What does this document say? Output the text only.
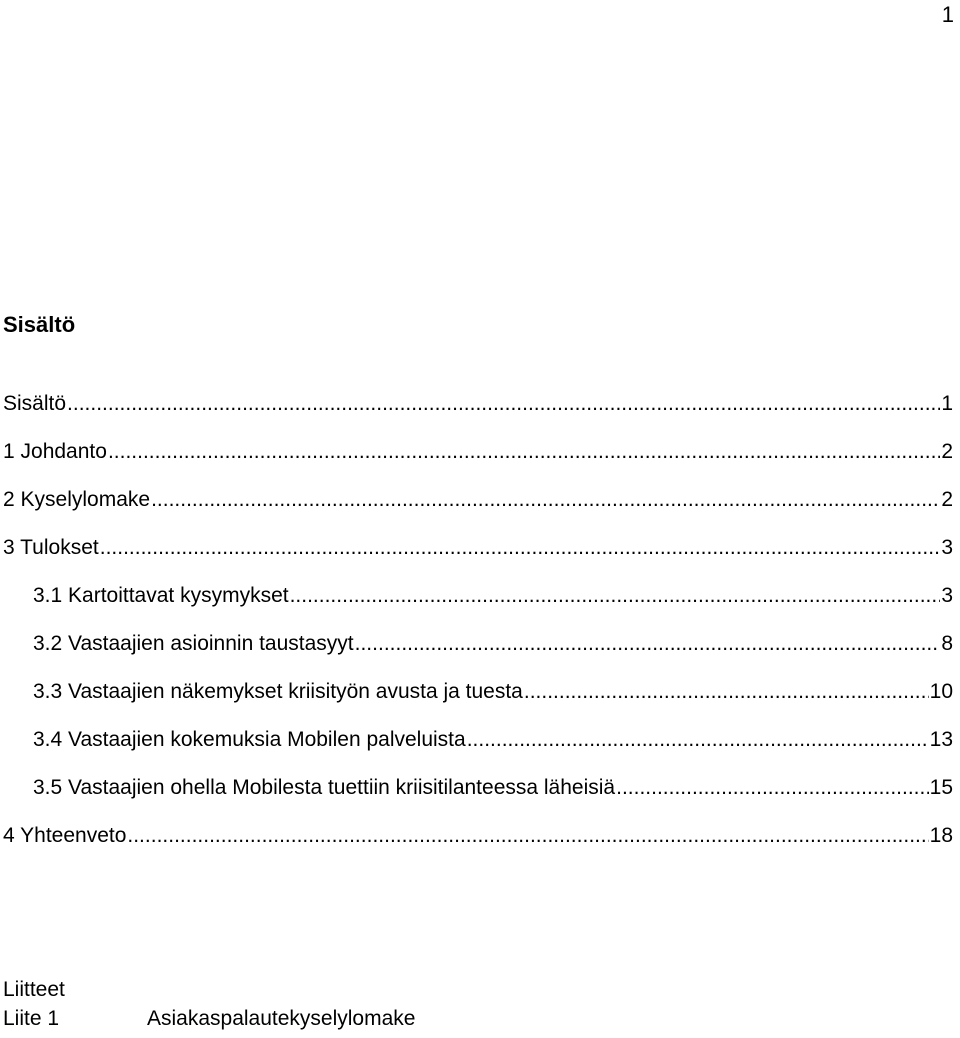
1
Sisältö
Sisältö .....	1
1 Johdanto .....	2
2 Kyselylomake .....	2
3 Tulokset .....	3
3.1 Kartoittavat kysymykset .....	3
3.2 Vastaajien asioinnin taustasyyt .....	8
3.3 Vastaajien näkemykset kriisityön avusta ja tuesta .....	10
3.4 Vastaajien kokemuksia Mobilen palveluista .....	13
3.5 Vastaajien ohella Mobilesta tuettiin kriisitilanteessa läheisiä .....	15
4 Yhteenveto .....	18
Liitteet
Liite 1	Asiakaspalautekyselylomake
